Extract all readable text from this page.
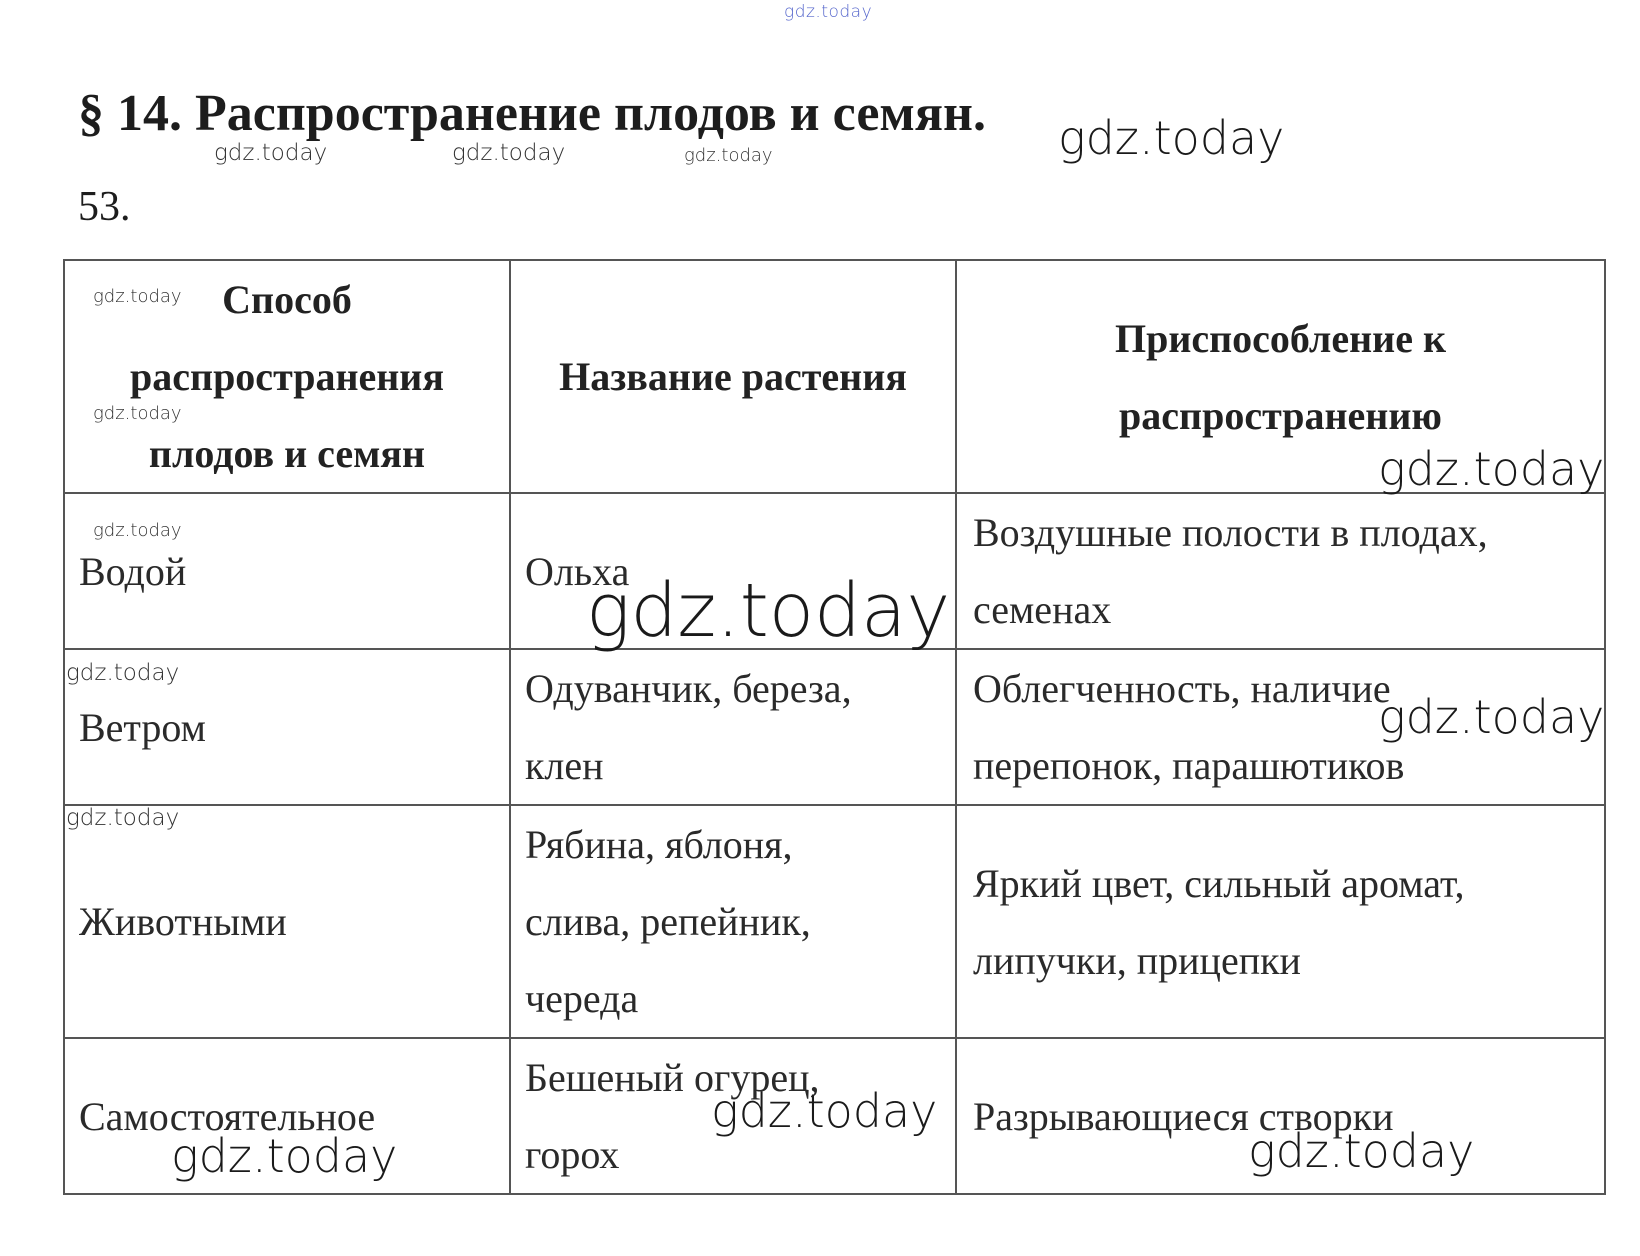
gdz.today
gdz.today	gdz.today	gdz.today	gdz.today
§ 14. Распространение плодов и семян.
53.
Способ распространения плодов и семян	Название растения	Приспособление к распространению

Водой	Ольха	Воздушные полости в плодах, семенах

Ветром	Одуванчик, береза, клен	Облегченность, наличие перепонок, парашютиков

Животными	Рябина, яблоня, слива, репейник, череда	Яркий цвет, сильный аромат, липучки, прицепки

Самостоятельное	Бешеный огурец, горох	Разрывающиеся створки
gdz.today
gdz.today
gdz.today
gdz.today
gdz.today
gdz.today
gdz.today
gdz.today
gdz.today
gdz.today	gdz.today
